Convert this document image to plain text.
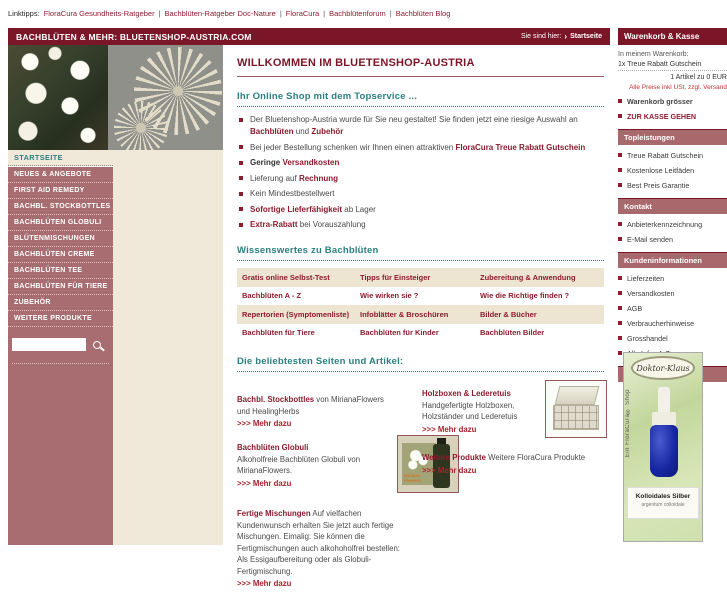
Linktipps: FloraCura Gesundheits-Ratgeber | Bachblüten-Ratgeber Doc-Nature | FloraCura | Bachblütenforum | Bachblüten Blog
BACHBLÜTEN & MEHR: BLUETENSHOP-AUSTRIA.COM	Sie sind hier: › Startseite
STARTSEITE
NEUES & ANGEBOTE
FIRST AID REMEDY
BACHBL. STOCKBOTTLES
BACHBLÜTEN GLOBULI
BLÜTENMISCHUNGEN
BACHBLÜTEN CREME
BACHBLÜTEN TEE
BACHBLÜTEN FÜR TIERE
ZUBEHÖR
WEITERE PRODUKTE
WILLKOMMEN IM BLUETENSHOP-AUSTRIA
Ihr Online Shop mit dem Topservice ...
Der Bluetenshop-Austria wurde für Sie neu gestaltet! Sie finden jetzt eine riesige Auswahl an Bachblüten und Zubehör
Bei jeder Bestellung schenken wir Ihnen einen attraktiven FloraCura Treue Rabatt Gutschein
Geringe Versandkosten
Lieferung auf Rechnung
Kein Mindestbestellwert
Sofortige Lieferfähigkeit ab Lager
Extra-Rabatt bei Vorauszahlung
Wissenswertes zu Bachblüten
Gratis online Selbst-Test	Tipps für Einsteiger	Zubereitung & Anwendung
Bachblüten A - Z	Wie wirken sie ?	Wie die Richtige finden ?
Repertorien (Symptomenliste)	Infoblätter & Broschüren	Bilder & Bücher
Bachblüten für Tiere	Bachblüten für Kinder	Bachblüten Bilder
Die beliebtesten Seiten und Artikel:
Bachbl. Stockbottles von MirianaFlowers und HealingHerbs
>>> Mehr dazu
Holzboxen & Lederetuis
Handgefertigte Holzboxen, Holzständer und Lederetuis
>>> Mehr dazu
Bachblüten Globuli
Alkoholfreie Bachblüten Globuli von MirianaFlowers.
>>> Mehr dazu
Miriana Flowers
Weitere Produkte Weitere FloraCura Produkte
>>> Mehr dazu
Fertige Mischungen Auf vielfachen Kundenwunsch erhalten Sie jetzt auch fertige Mischungen. Eimalig: Sie können die Fertigmischungen auch alkohoholfrei bestellen: Als Essigaufbereitung oder als Globuli-Fertigmischung.
>>> Mehr dazu
Warenkorb & Kasse
In meinem Warenkorb:
1x Treue Rabatt Gutschein
1 Artikel zu 0 EUR
Alle Preise inkl USt, zzgl. Versand
Warenkorb grösser
ZUR KASSE GEHEN
Topleistungen
Treue Rabatt Gutschein
Kostenlose Leitfäden
Best Preis Garantie
Kontakt
Anbieterkennzeichnung
E-Mail senden
Kundeninformationen
Lieferzeiten
Versandkosten
AGB
Verbraucherhinweise
Grosshandel
Doktor-Klaus
Ein FloraCura® Shop
Kolloidales Silber
argentum colloidale
